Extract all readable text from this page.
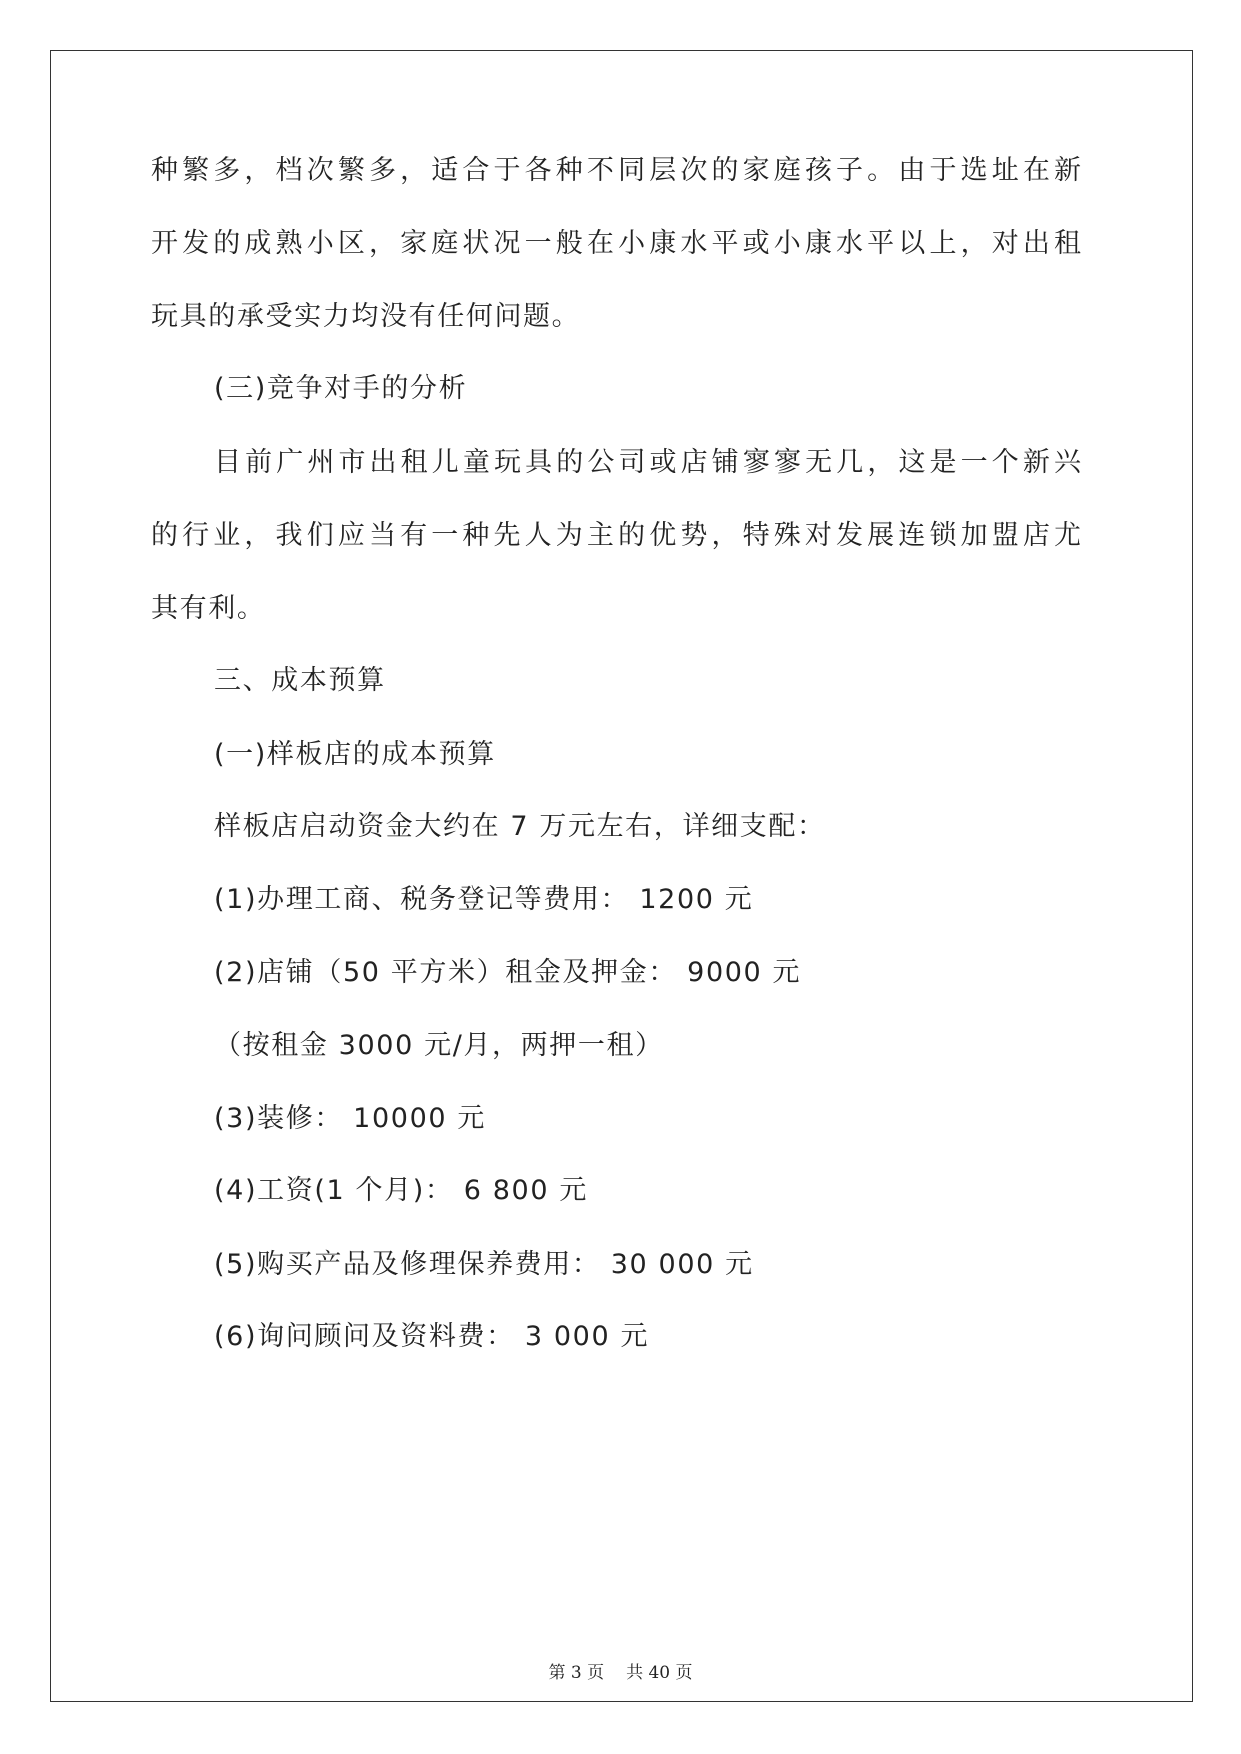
种繁多，档次繁多，适合于各种不同层次的家庭孩子。由于选址在新
开发的成熟小区，家庭状况一般在小康水平或小康水平以上，对出租
玩具的承受实力均没有任何问题。
(三)竞争对手的分析
目前广州市出租儿童玩具的公司或店铺寥寥无几，这是一个新兴
的行业，我们应当有一种先人为主的优势，特殊对发展连锁加盟店尤
其有利。
三、成本预算
(一)样板店的成本预算
样板店启动资金大约在 7 万元左右，详细支配：
(1)办理工商、税务登记等费用： 1200 元
(2)店铺（50 平方米）租金及押金： 9000 元
（按租金 3000 元/月，两押一租）
(3)装修： 10000 元
(4)工资(1 个月)： 6 800 元
(5)购买产品及修理保养费用： 30 000 元
(6)询问顾问及资料费： 3 000 元
第 3 页 共 40 页
